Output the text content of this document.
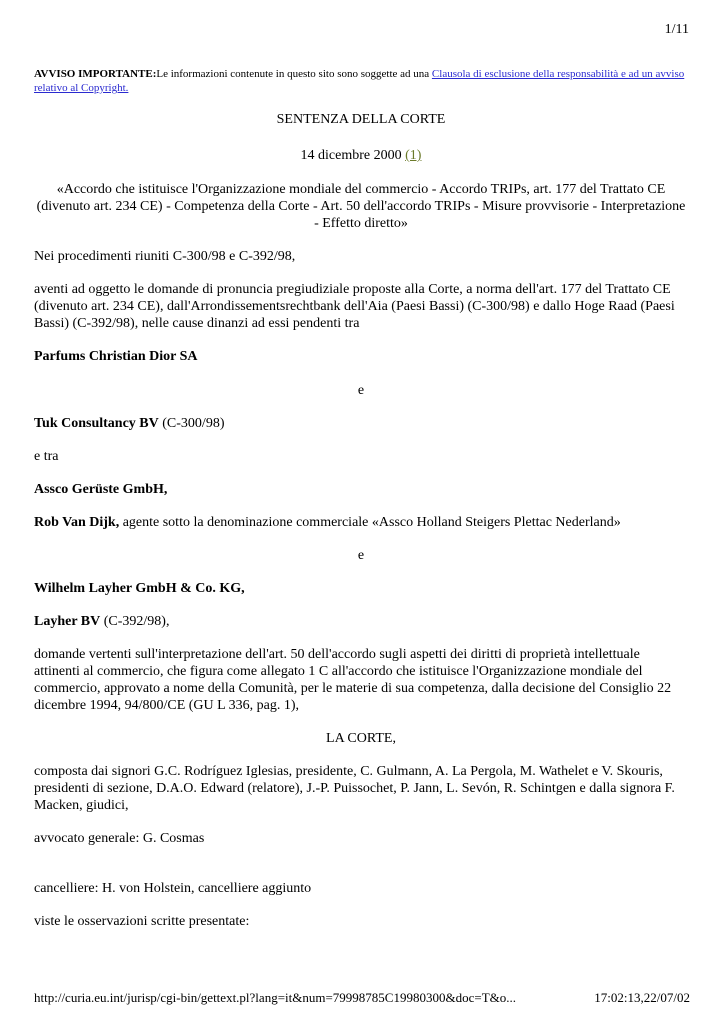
1/11
AVVISO IMPORTANTE:Le informazioni contenute in questo sito sono soggette ad una Clausola di esclusione della responsabilità e ad un avviso relativo al Copyright.

SENTENZA DELLA CORTE

14 dicembre 2000 (1)

«Accordo che istituisce l'Organizzazione mondiale del commercio - Accordo TRIPs, art. 177 del Trattato CE (divenuto art. 234 CE) - Competenza della Corte - Art. 50 dell'accordo TRIPs - Misure provvisorie - Interpretazione - Effetto diretto»

Nei procedimenti riuniti C-300/98 e C-392/98,

aventi ad oggetto le domande di pronuncia pregiudiziale proposte alla Corte, a norma dell'art. 177 del Trattato CE (divenuto art. 234 CE), dall'Arrondissementsrechtbank dell'Aia (Paesi Bassi) (C-300/98) e dallo Hoge Raad (Paesi Bassi) (C-392/98), nelle cause dinanzi ad essi pendenti tra

Parfums Christian Dior SA

e

Tuk Consultancy BV (C-300/98)

e tra

Assco Gerüste GmbH,

Rob Van Dijk, agente sotto la denominazione commerciale «Assco Holland Steigers Plettac Nederland»

e

Wilhelm Layher GmbH & Co. KG,

Layher BV (C-392/98),

domande vertenti sull'interpretazione dell'art. 50 dell'accordo sugli aspetti dei diritti di proprietà intellettuale attinenti al commercio, che figura come allegato 1 C all'accordo che istituisce l'Organizzazione mondiale del commercio, approvato a nome della Comunità, per le materie di sua competenza, dalla decisione del Consiglio 22 dicembre 1994, 94/800/CE (GU L 336, pag. 1),

LA CORTE,

composta dai signori G.C. Rodríguez Iglesias, presidente, C. Gulmann, A. La Pergola, M. Wathelet e V. Skouris, presidenti di sezione, D.A.O. Edward (relatore), J.-P. Puissochet, P. Jann, L. Sevón, R. Schintgen e dalla signora F. Macken, giudici,

avvocato generale: G. Cosmas

cancelliere: H. von Holstein, cancelliere aggiunto

viste le osservazioni scritte presentate:

http://curia.eu.int/jurisp/cgi-bin/gettext.pl?lang=it&num=79998785C19980300&doc=T&o...	17:02:13,22/07/02
